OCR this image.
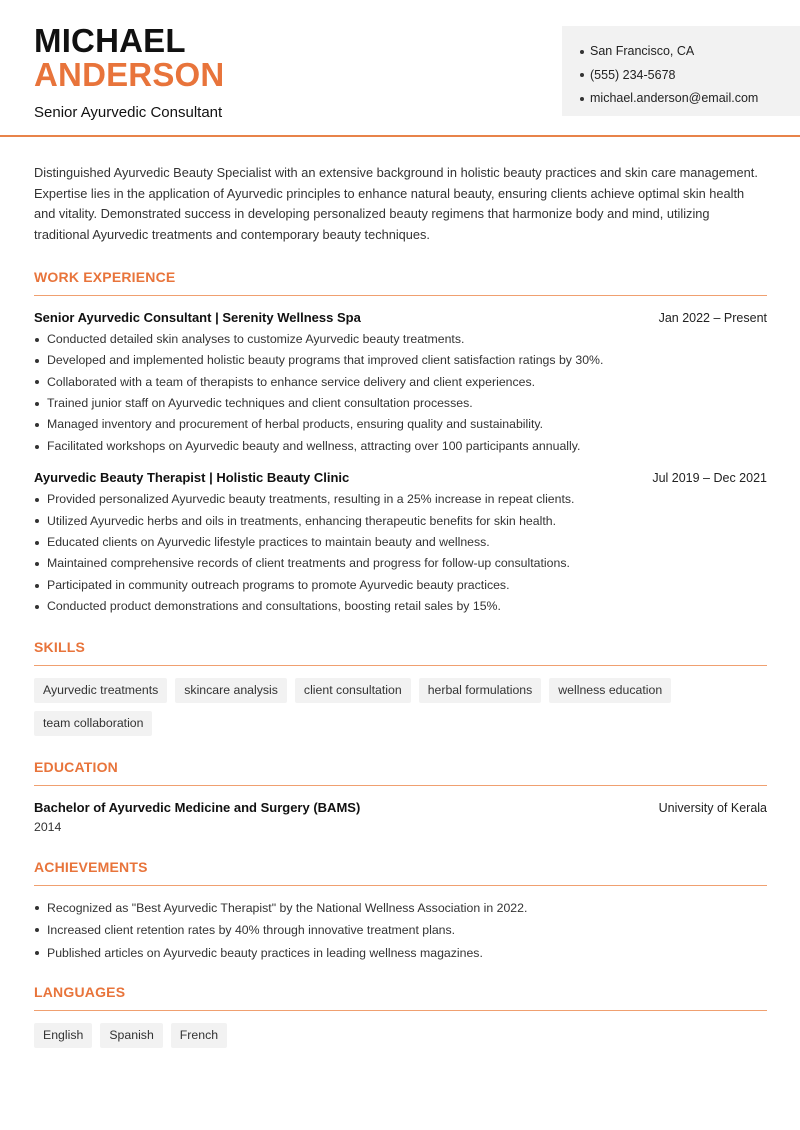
MICHAEL
ANDERSON
Senior Ayurvedic Consultant
San Francisco, CA
(555) 234-5678
michael.anderson@email.com

Distinguished Ayurvedic Beauty Specialist with an extensive background in holistic beauty practices and skin care management. Expertise lies in the application of Ayurvedic principles to enhance natural beauty, ensuring clients achieve optimal skin health and vitality. Demonstrated success in developing personalized beauty regimens that harmonize body and mind, utilizing traditional Ayurvedic treatments and contemporary beauty techniques.

WORK EXPERIENCE
Senior Ayurvedic Consultant | Serenity Wellness Spa	Jan 2022 – Present
Conducted detailed skin analyses to customize Ayurvedic beauty treatments.
Developed and implemented holistic beauty programs that improved client satisfaction ratings by 30%.
Collaborated with a team of therapists to enhance service delivery and client experiences.
Trained junior staff on Ayurvedic techniques and client consultation processes.
Managed inventory and procurement of herbal products, ensuring quality and sustainability.
Facilitated workshops on Ayurvedic beauty and wellness, attracting over 100 participants annually.
Ayurvedic Beauty Therapist | Holistic Beauty Clinic	Jul 2019 – Dec 2021
Provided personalized Ayurvedic beauty treatments, resulting in a 25% increase in repeat clients.
Utilized Ayurvedic herbs and oils in treatments, enhancing therapeutic benefits for skin health.
Educated clients on Ayurvedic lifestyle practices to maintain beauty and wellness.
Maintained comprehensive records of client treatments and progress for follow-up consultations.
Participated in community outreach programs to promote Ayurvedic beauty practices.
Conducted product demonstrations and consultations, boosting retail sales by 15%.
SKILLS
Ayurvedic treatments	skincare analysis	client consultation	herbal formulations	wellness education
team collaboration
EDUCATION
Bachelor of Ayurvedic Medicine and Surgery (BAMS)	University of Kerala
2014
ACHIEVEMENTS
Recognized as "Best Ayurvedic Therapist" by the National Wellness Association in 2022.
Increased client retention rates by 40% through innovative treatment plans.
Published articles on Ayurvedic beauty practices in leading wellness magazines.
LANGUAGES
English	Spanish	French
